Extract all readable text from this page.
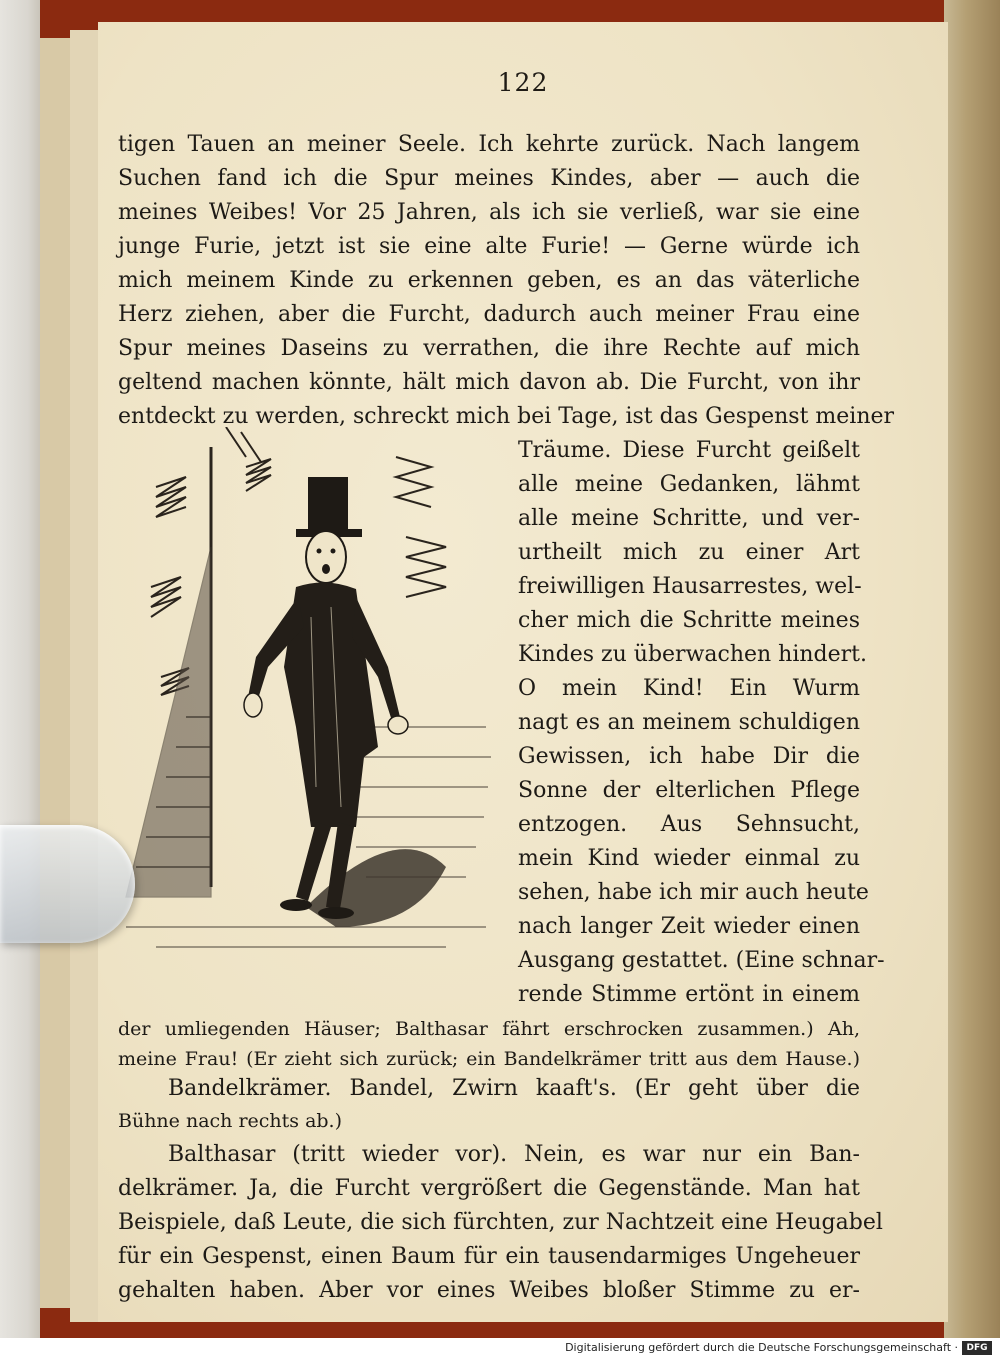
122
tigen Tauen an meiner Seele. Ich kehrte zurück. Nach langem
Suchen fand ich die Spur meines Kindes, aber — auch die
meines Weibes! Vor 25 Jahren, als ich sie verließ, war sie eine
junge Furie, jetzt ist sie eine alte Furie! — Gerne würde ich
mich meinem Kinde zu erkennen geben, es an das väterliche
Herz ziehen, aber die Furcht, dadurch auch meiner Frau eine
Spur meines Daseins zu verrathen, die ihre Rechte auf mich
geltend machen könnte, hält mich davon ab. Die Furcht, von ihr
entdeckt zu werden, schreckt mich bei Tage, ist das Gespenst meiner
Träume. Diese Furcht geißelt
alle meine Gedanken, lähmt
alle meine Schritte, und ver-
urtheilt mich zu einer Art
freiwilligen Hausarrestes, wel-
cher mich die Schritte meines
Kindes zu überwachen hindert.
O mein Kind! Ein Wurm
nagt es an meinem schuldigen
Gewissen, ich habe Dir die
Sonne der elterlichen Pflege
entzogen. Aus Sehnsucht,
mein Kind wieder einmal zu
sehen, habe ich mir auch heute
nach langer Zeit wieder einen
Ausgang gestattet. (Eine schnar-
rende Stimme ertönt in einem
der umliegenden Häuser; Balthasar fährt erschrocken zusammen.) Ah,
meine Frau! (Er zieht sich zurück; ein Bandelkrämer tritt aus dem Hause.)
Bandelkrämer. Bandel, Zwirn kaaft's. (Er geht über die
Bühne nach rechts ab.)
Balthasar (tritt wieder vor). Nein, es war nur ein Ban-
delkrämer. Ja, die Furcht vergrößert die Gegenstände. Man hat
Beispiele, daß Leute, die sich fürchten, zur Nachtzeit eine Heugabel
für ein Gespenst, einen Baum für ein tausendarmiges Ungeheuer
gehalten haben. Aber vor eines Weibes bloßer Stimme zu er-
Digitalisierung gefördert durch die Deutsche Forschungsgemeinschaft · DFG
